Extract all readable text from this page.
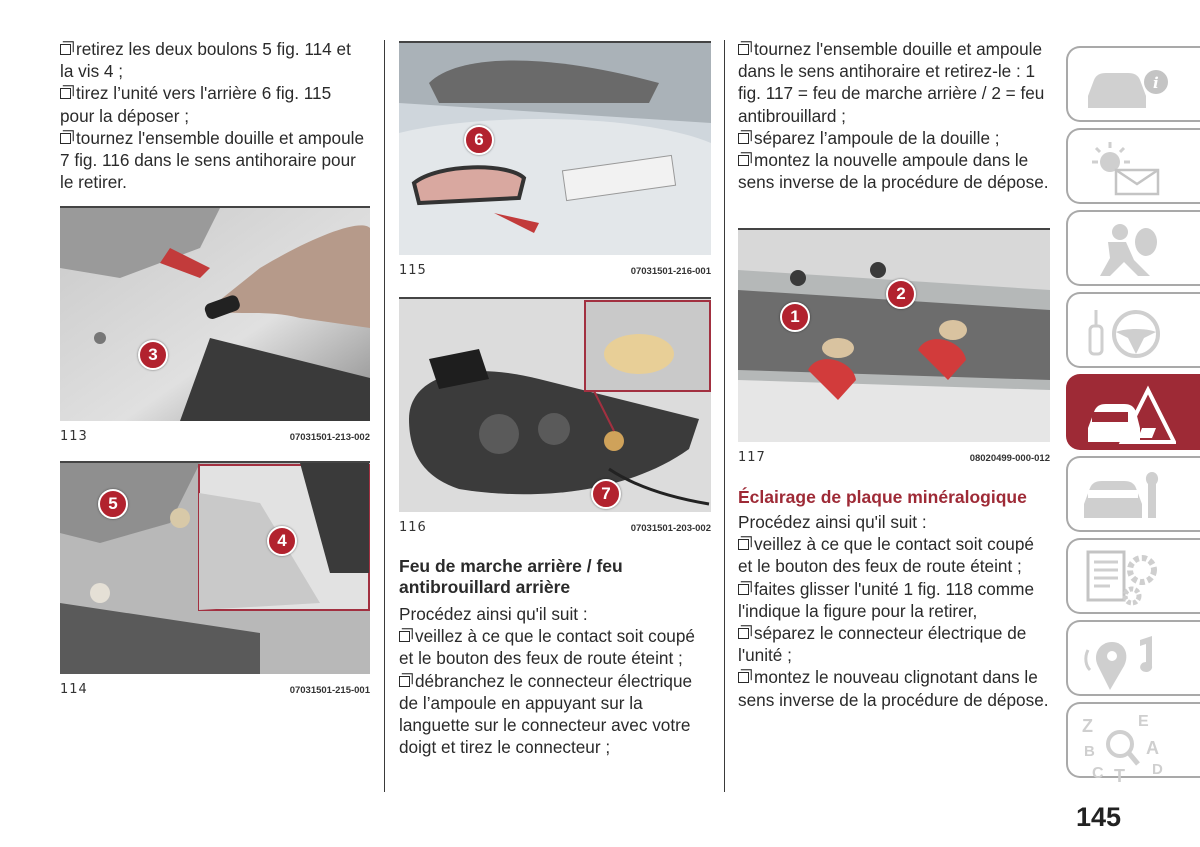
retirez les deux boulons 5 fig. 114 et la vis 4 ;

tirez l’unité vers l'arrière 6 fig. 115 pour la déposer ;

tournez l'ensemble douille et ampoule 7 fig. 116 dans le sens antihoraire pour le retirer.

3
113	07031501-213-002
5
4
114	07031501-215-001
6
115	07031501-216-001
7
116	07031501-203-002

Feu de marche arrière / feu antibrouillard arrière

Procédez ainsi qu'il suit :

veillez à ce que le contact soit coupé et le bouton des feux de route éteint ;

débranchez le connecteur électrique de l’ampoule en appuyant sur la languette sur le connecteur avec votre doigt et tirez le connecteur ;

tournez l'ensemble douille et ampoule dans le sens antihoraire et retirez-le : 1 fig. 117 = feu de marche arrière / 2 = feu antibrouillard ;

séparez l’ampoule de la douille ;

montez la nouvelle ampoule dans le sens inverse de la procédure de dépose.

1
2
117	08020499-000-012

Éclairage de plaque minéralogique

Procédez ainsi qu'il suit :

veillez à ce que le contact soit coupé et le bouton des feux de route éteint ;

faites glisser l'unité 1 fig. 118 comme l'indique la figure pour la retirer,

séparez le connecteur électrique de l'unité ;

montez le nouveau clignotant dans le sens inverse de la procédure de dépose.

i
Z	E
B	A
C T D
145
